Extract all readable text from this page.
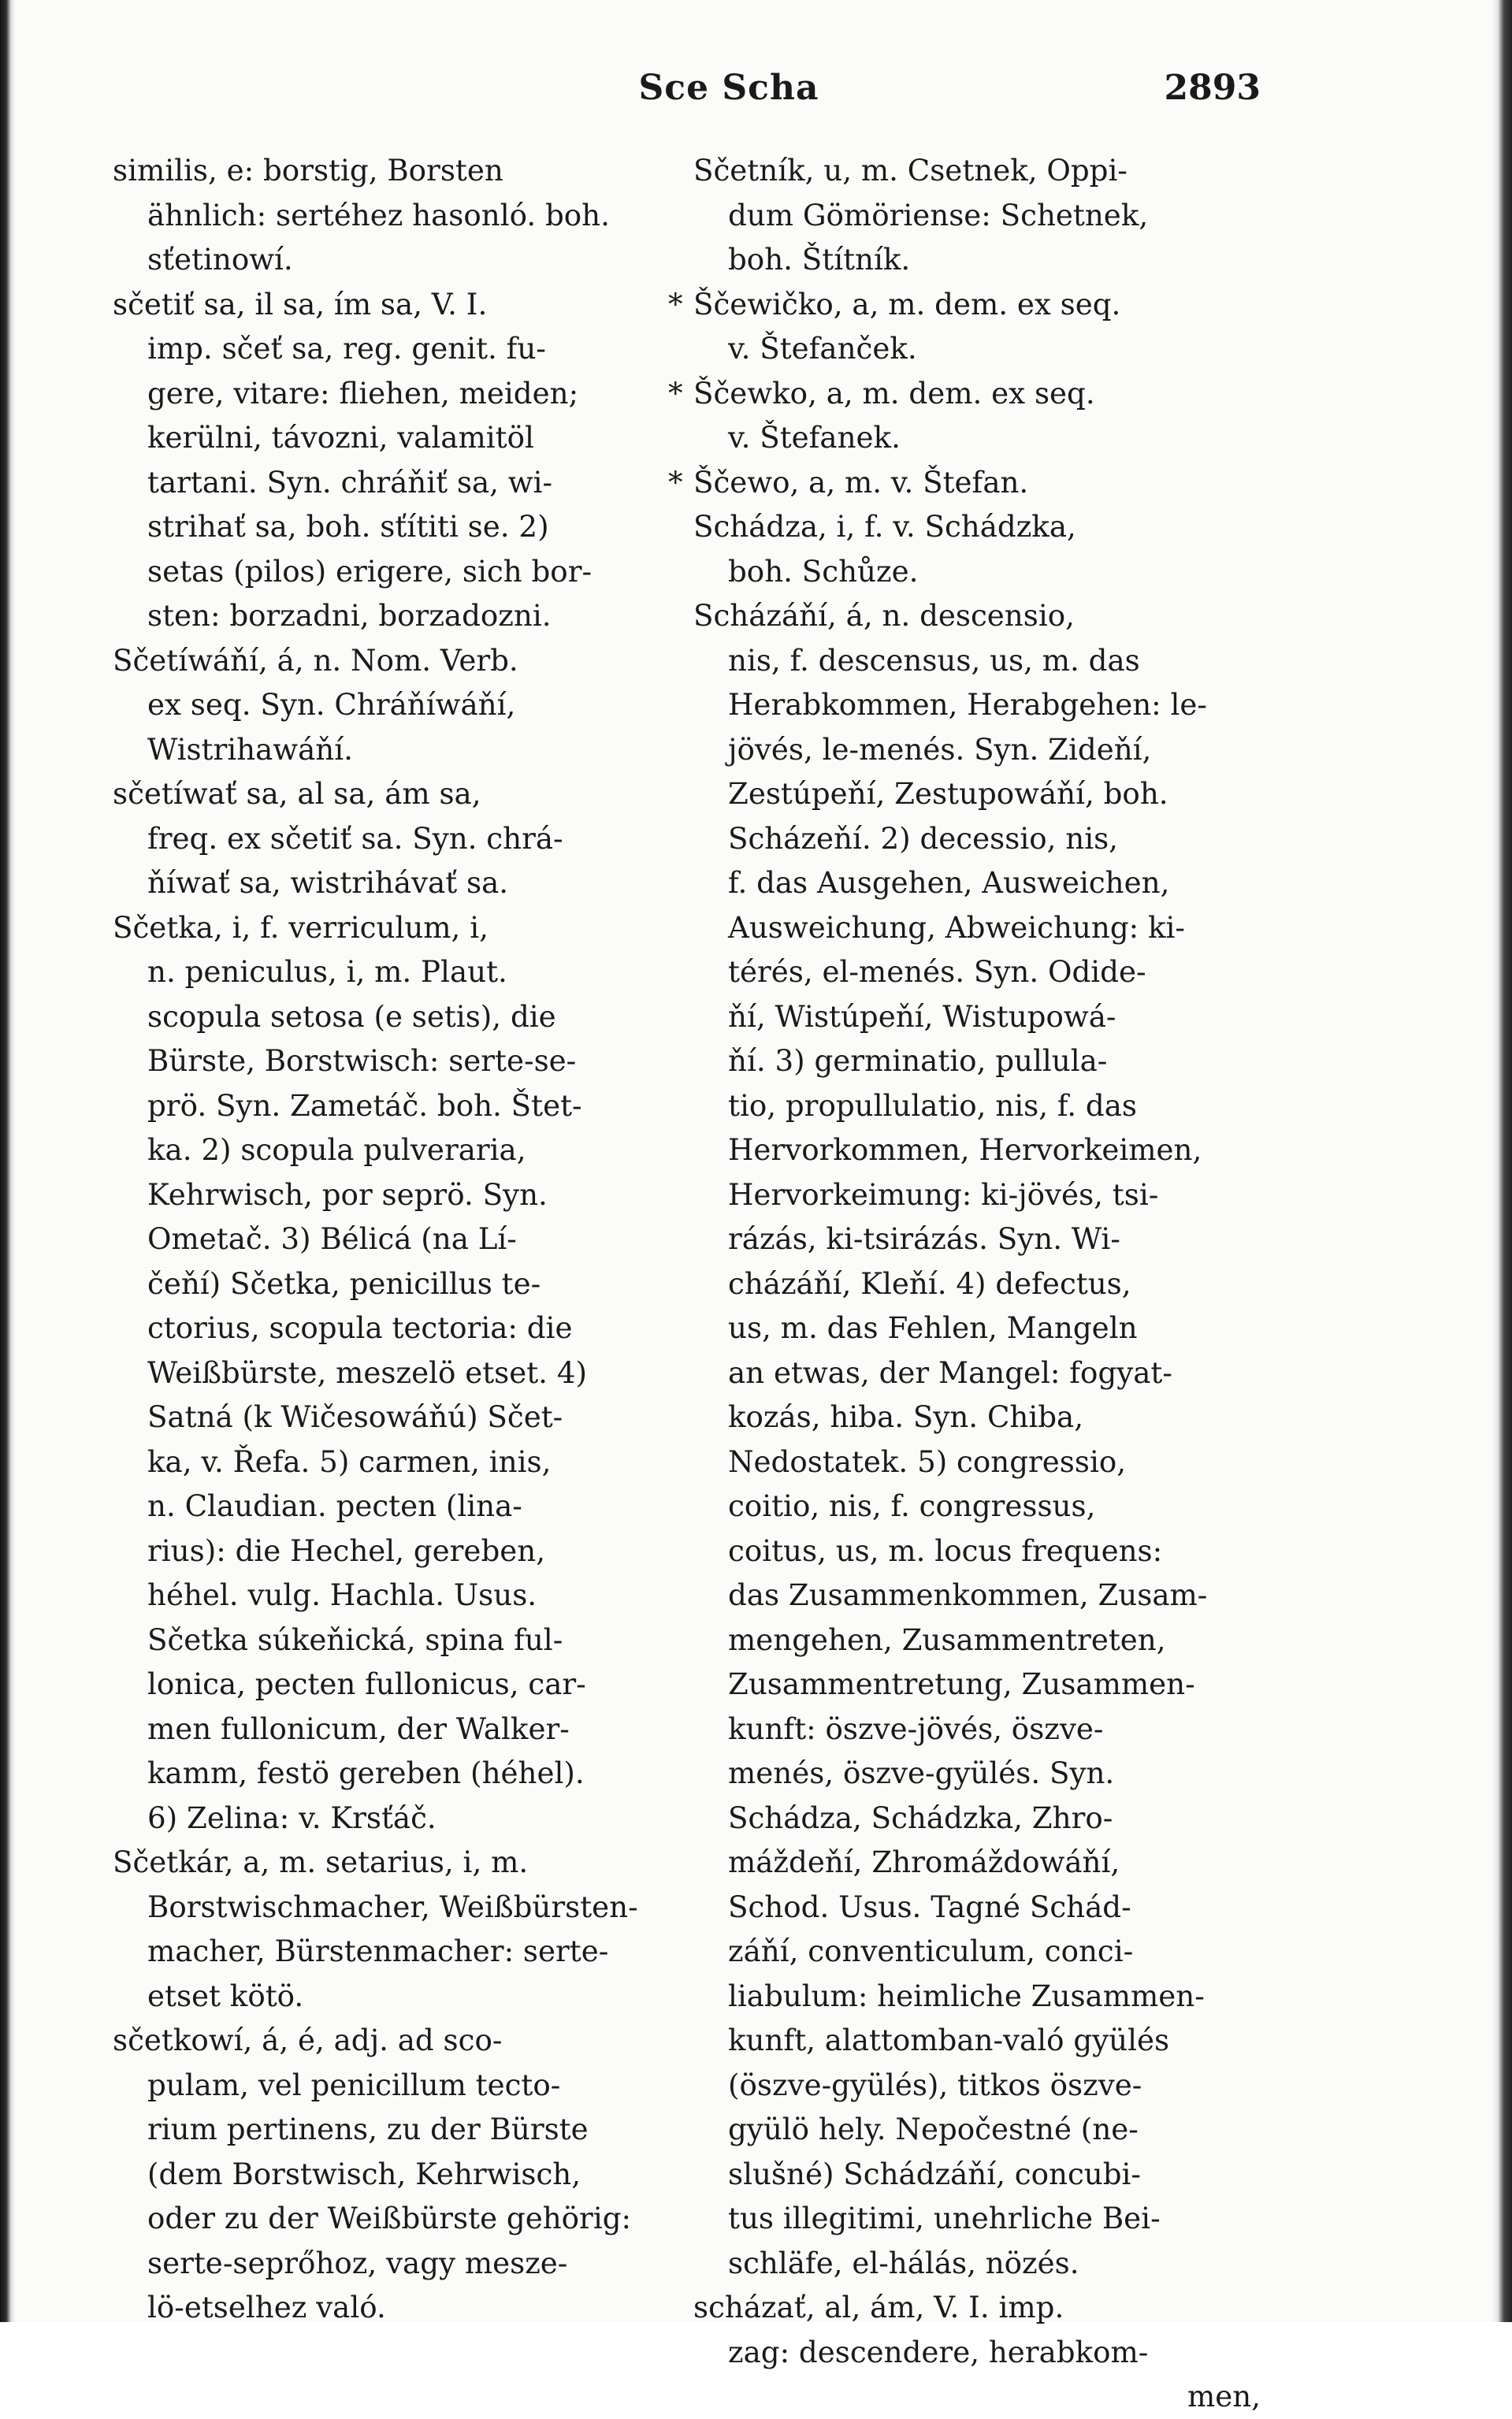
Sce Scha	2893
similis, e: borstig, Borsten
ähnlich: sertéhez hasonló. boh.
sťetinowí.
sčetiť sa, il sa, ím sa, V. I.
imp. sčeť sa, reg. genit. fu-
gere, vitare: fliehen, meiden;
kerülni, távozni, valamitöl
tartani. Syn. chráňiť sa, wi-
strihať sa, boh. sťítiti se. 2)
setas (pilos) erigere, sich bor-
sten: borzadni, borzadozni.
Sčetíwáňí, á, n. Nom. Verb.
ex seq. Syn. Chráňíwáňí,
Wistrihawáňí.
sčetíwať sa, al sa, ám sa,
freq. ex sčetiť sa. Syn. chrá-
ňíwať sa, wistrihávať sa.
Sčetka, i, f. verriculum, i,
n. peniculus, i, m. Plaut.
scopula setosa (e setis), die
Bürste, Borstwisch: serte-se-
prö. Syn. Zametáč. boh. Štet-
ka. 2) scopula pulveraria,
Kehrwisch, por seprö. Syn.
Ometač. 3) Bélicá (na Lí-
čeňí) Sčetka, penicillus te-
ctorius, scopula tectoria: die
Weißbürste, meszelö etset. 4)
Satná (k Wičesowáňú) Sčet-
ka, v. Řefa. 5) carmen, inis,
n. Claudian. pecten (lina-
rius): die Hechel, gereben,
héhel. vulg. Hachla. Usus.
Sčetka súkeňická, spina ful-
lonica, pecten fullonicus, car-
men fullonicum, der Walker-
kamm, festö gereben (héhel).
6) Zelina: v. Krsťáč.
Sčetkár, a, m. setarius, i, m.
Borstwischmacher, Weißbürsten-
macher, Bürstenmacher: serte-
etset kötö.
sčetkowí, á, é, adj. ad sco-
pulam, vel penicillum tecto-
rium pertinens, zu der Bürste
(dem Borstwisch, Kehrwisch,
oder zu der Weißbürste gehörig:
serte-seprőhoz, vagy mesze-
lö-etselhez való.
Sčetník, u, m. Csetnek, Oppi-
dum Gömöriense: Schetnek,
boh. Štítník.
* Ščewičko, a, m. dem. ex seq.
v. Štefanček.
* Ščewko, a, m. dem. ex seq.
v. Štefanek.
* Ščewo, a, m. v. Štefan.
Schádza, i, f. v. Schádzka,
boh. Schůze.
Scházáňí, á, n. descensio,
nis, f. descensus, us, m. das
Herabkommen, Herabgehen: le-
jövés, le-menés. Syn. Zideňí,
Zestúpeňí, Zestupowáňí, boh.
Scházeňí. 2) decessio, nis,
f. das Ausgehen, Ausweichen,
Ausweichung, Abweichung: ki-
térés, el-menés. Syn. Odide-
ňí, Wistúpeňí, Wistupowá-
ňí. 3) germinatio, pullula-
tio, propullulatio, nis, f. das
Hervorkommen, Hervorkeimen,
Hervorkeimung: ki-jövés, tsi-
rázás, ki-tsirázás. Syn. Wi-
cházáňí, Kleňí. 4) defectus,
us, m. das Fehlen, Mangeln
an etwas, der Mangel: fogyat-
kozás, hiba. Syn. Chiba,
Nedostatek. 5) congressio,
coitio, nis, f. congressus,
coitus, us, m. locus frequens:
das Zusammenkommen, Zusam-
mengehen, Zusammentreten,
Zusammentretung, Zusammen-
kunft: öszve-jövés, öszve-
menés, öszve-gyülés. Syn.
Schádza, Schádzka, Zhro-
máždeňí, Zhromáždowáňí,
Schod. Usus. Tagné Schád-
záňí, conventiculum, conci-
liabulum: heimliche Zusammen-
kunft, alattomban-való gyülés
(öszve-gyülés), titkos öszve-
gyülö hely. Nepočestné (ne-
slušné) Schádzáňí, concubi-
tus illegitimi, unehrliche Bei-
schläfe, el-hálás, nözés.
scházať, al, ám, V. I. imp.
zag: descendere, herabkom-
men,
